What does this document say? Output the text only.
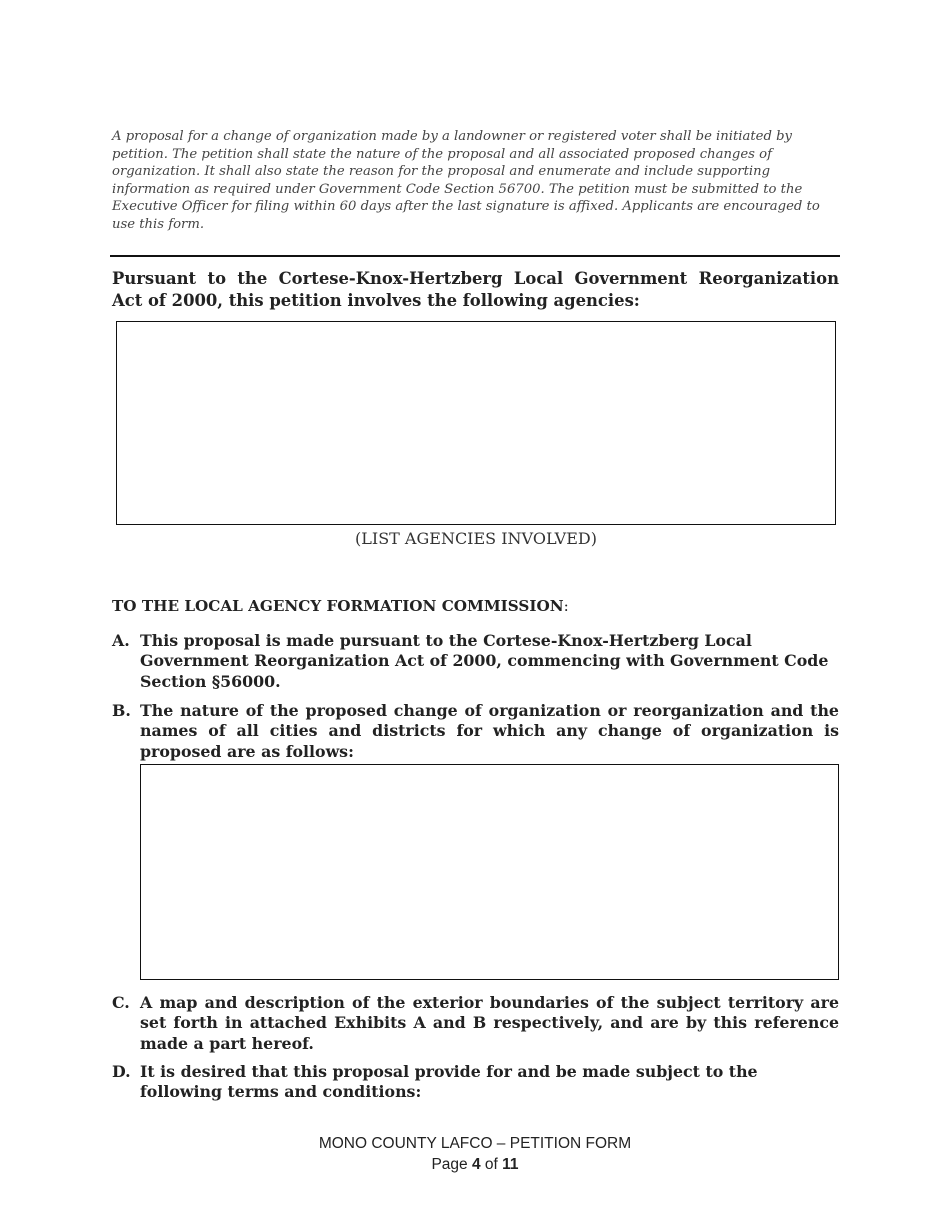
A proposal for a change of organization made by a landowner or registered voter shall be initiated by petition. The petition shall state the nature of the proposal and all associated proposed changes of organization. It shall also state the reason for the proposal and enumerate and include supporting information as required under Government Code Section 56700. The petition must be submitted to the Executive Officer for filing within 60 days after the last signature is affixed. Applicants are encouraged to use this form.

Pursuant to the Cortese-Knox-Hertzberg Local Government Reorganization Act of 2000, this petition involves the following agencies:

(LIST AGENCIES INVOLVED)

TO THE LOCAL AGENCY FORMATION COMMISSION:

A. This proposal is made pursuant to the Cortese-Knox-Hertzberg Local Government Reorganization Act of 2000, commencing with Government Code Section §56000.
B. The nature of the proposed change of organization or reorganization and the names of all cities and districts for which any change of organization is proposed are as follows:
C. A map and description of the exterior boundaries of the subject territory are set forth in attached Exhibits A and B respectively, and are by this reference made a part hereof.
D. It is desired that this proposal provide for and be made subject to the following terms and conditions:
MONO COUNTY LAFCO – PETITION FORM
Page 4 of 11
